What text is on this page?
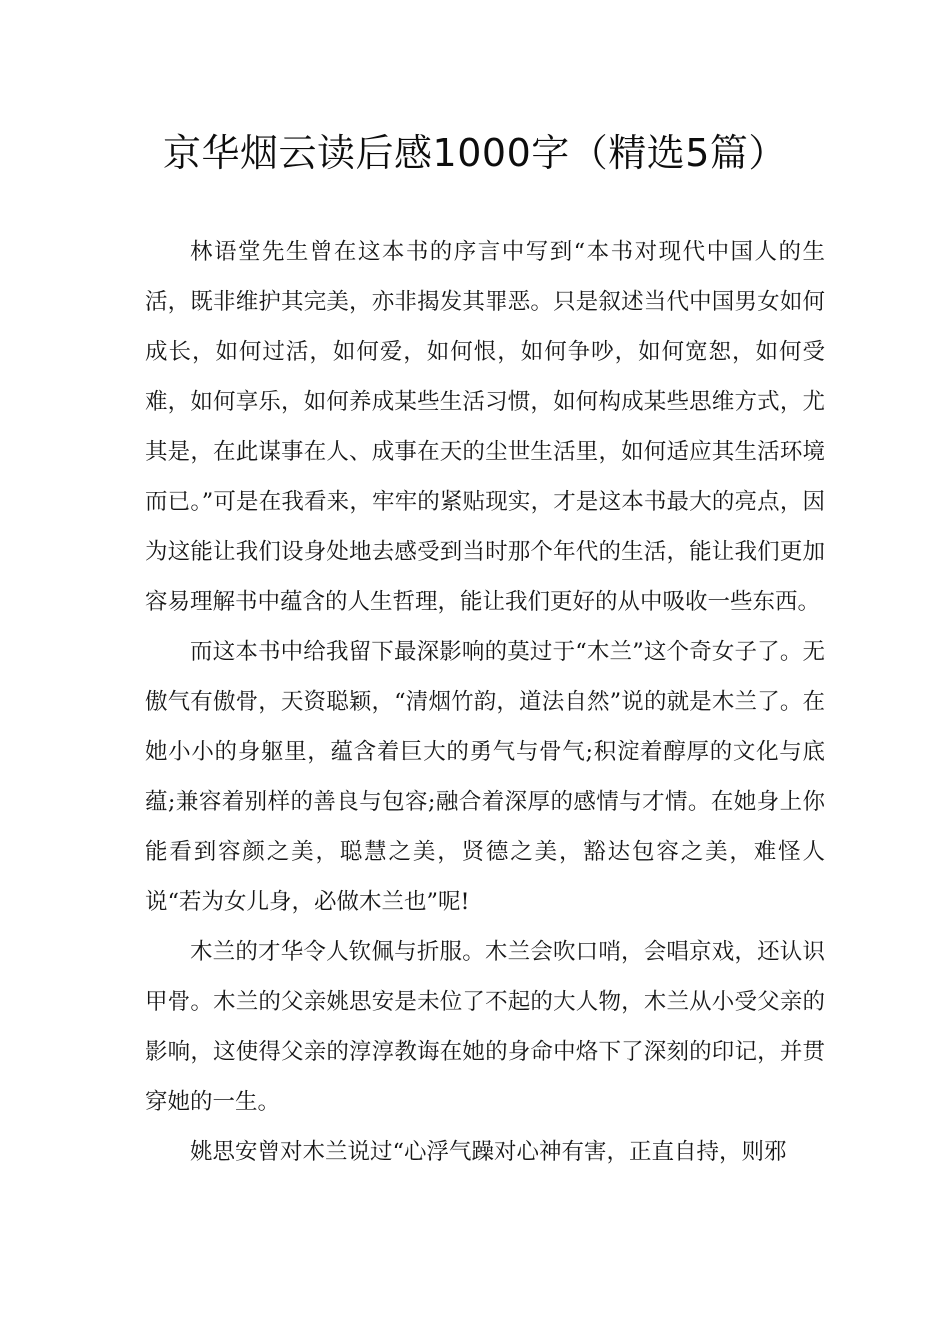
京华烟云读后感1000字（精选5篇）

林语堂先生曾在这本书的序言中写到“本书对现代中国人的生活，既非维护其完美，亦非揭发其罪恶。只是叙述当代中国男女如何成长，如何过活，如何爱，如何恨，如何争吵，如何宽恕，如何受难，如何享乐，如何养成某些生活习惯，如何构成某些思维方式，尤其是，在此谋事在人、成事在天的尘世生活里，如何适应其生活环境而已。”可是在我看来，牢牢的紧贴现实，才是这本书最大的亮点，因为这能让我们设身处地去感受到当时那个年代的生活，能让我们更加容易理解书中蕴含的人生哲理，能让我们更好的从中吸收一些东西。

而这本书中给我留下最深影响的莫过于“木兰”这个奇女子了。无傲气有傲骨，天资聪颖，“清烟竹韵，道法自然”说的就是木兰了。在她小小的身躯里，蕴含着巨大的勇气与骨气;积淀着醇厚的文化与底蕴;兼容着别样的善良与包容;融合着深厚的感情与才情。在她身上你能看到容颜之美，聪慧之美，贤德之美，豁达包容之美，难怪人说“若为女儿身，必做木兰也”呢!

木兰的才华令人钦佩与折服。木兰会吹口哨，会唱京戏，还认识甲骨。木兰的父亲姚思安是未位了不起的大人物，木兰从小受父亲的影响，这使得父亲的淳淳教诲在她的身命中烙下了深刻的印记，并贯穿她的一生。

姚思安曾对木兰说过“心浮气躁对心神有害，正直自持，则邪
